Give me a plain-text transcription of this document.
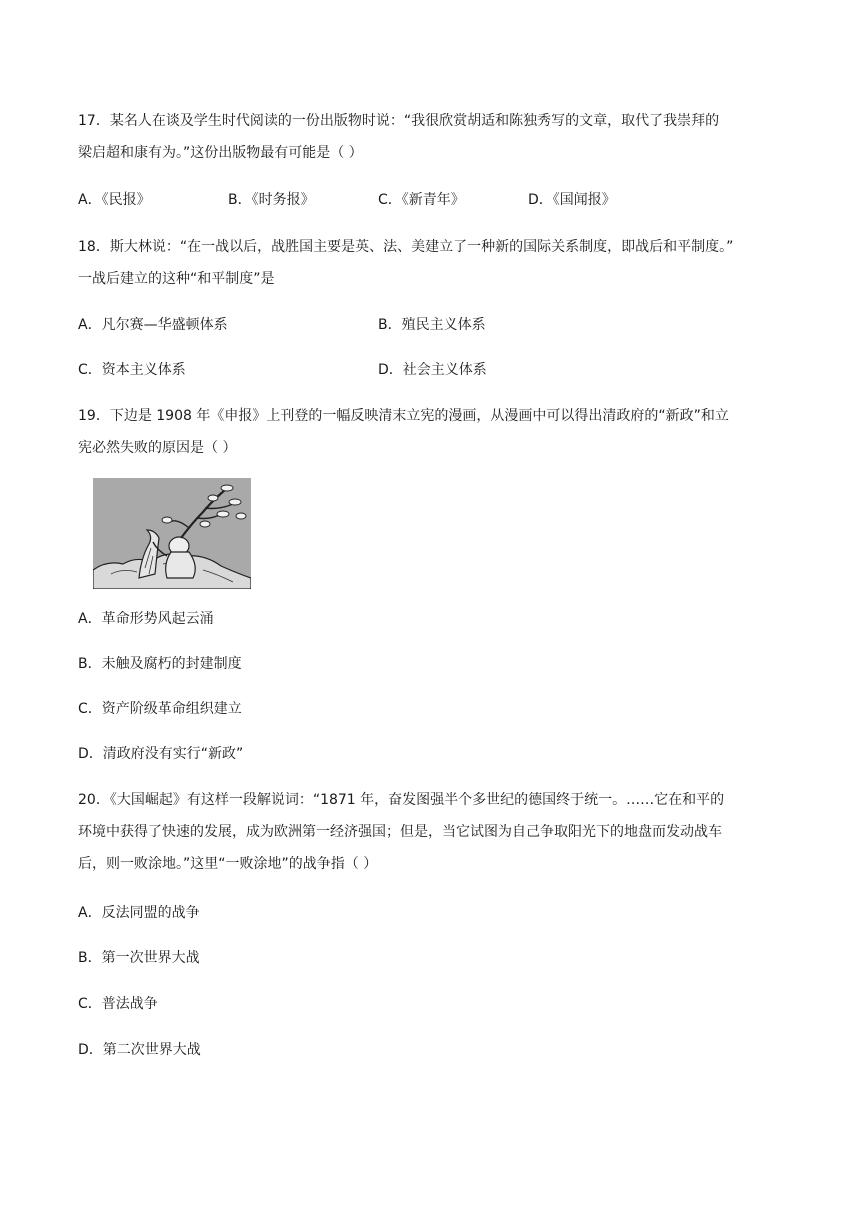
17．某名人在谈及学生时代阅读的一份出版物时说：“我很欣赏胡适和陈独秀写的文章，取代了我崇拜的
梁启超和康有为。”这份出版物最有可能是（ ）
A．《民报》	B．《时务报》	C．《新青年》	D．《国闻报》
18．斯大林说：“在一战以后，战胜国主要是英、法、美建立了一种新的国际关系制度，即战后和平制度。”
一战后建立的这种“和平制度”是
A．凡尔赛—华盛顿体系	B．殖民主义体系
C．资本主义体系	D．社会主义体系
19．下边是 1908 年《申报》上刊登的一幅反映清末立宪的漫画，从漫画中可以得出清政府的“新政”和立
宪必然失败的原因是（ ）
A．革命形势风起云涌
B．未触及腐朽的封建制度
C．资产阶级革命组织建立
D．清政府没有实行“新政”
20．《大国崛起》有这样一段解说词：“1871 年，奋发图强半个多世纪的德国终于统一。……它在和平的
环境中获得了快速的发展，成为欧洲第一经济强国；但是，当它试图为自己争取阳光下的地盘而发动战车
后，则一败涂地。”这里“一败涂地”的战争指（ ）
A．反法同盟的战争
B．第一次世界大战
C．普法战争
D．第二次世界大战
